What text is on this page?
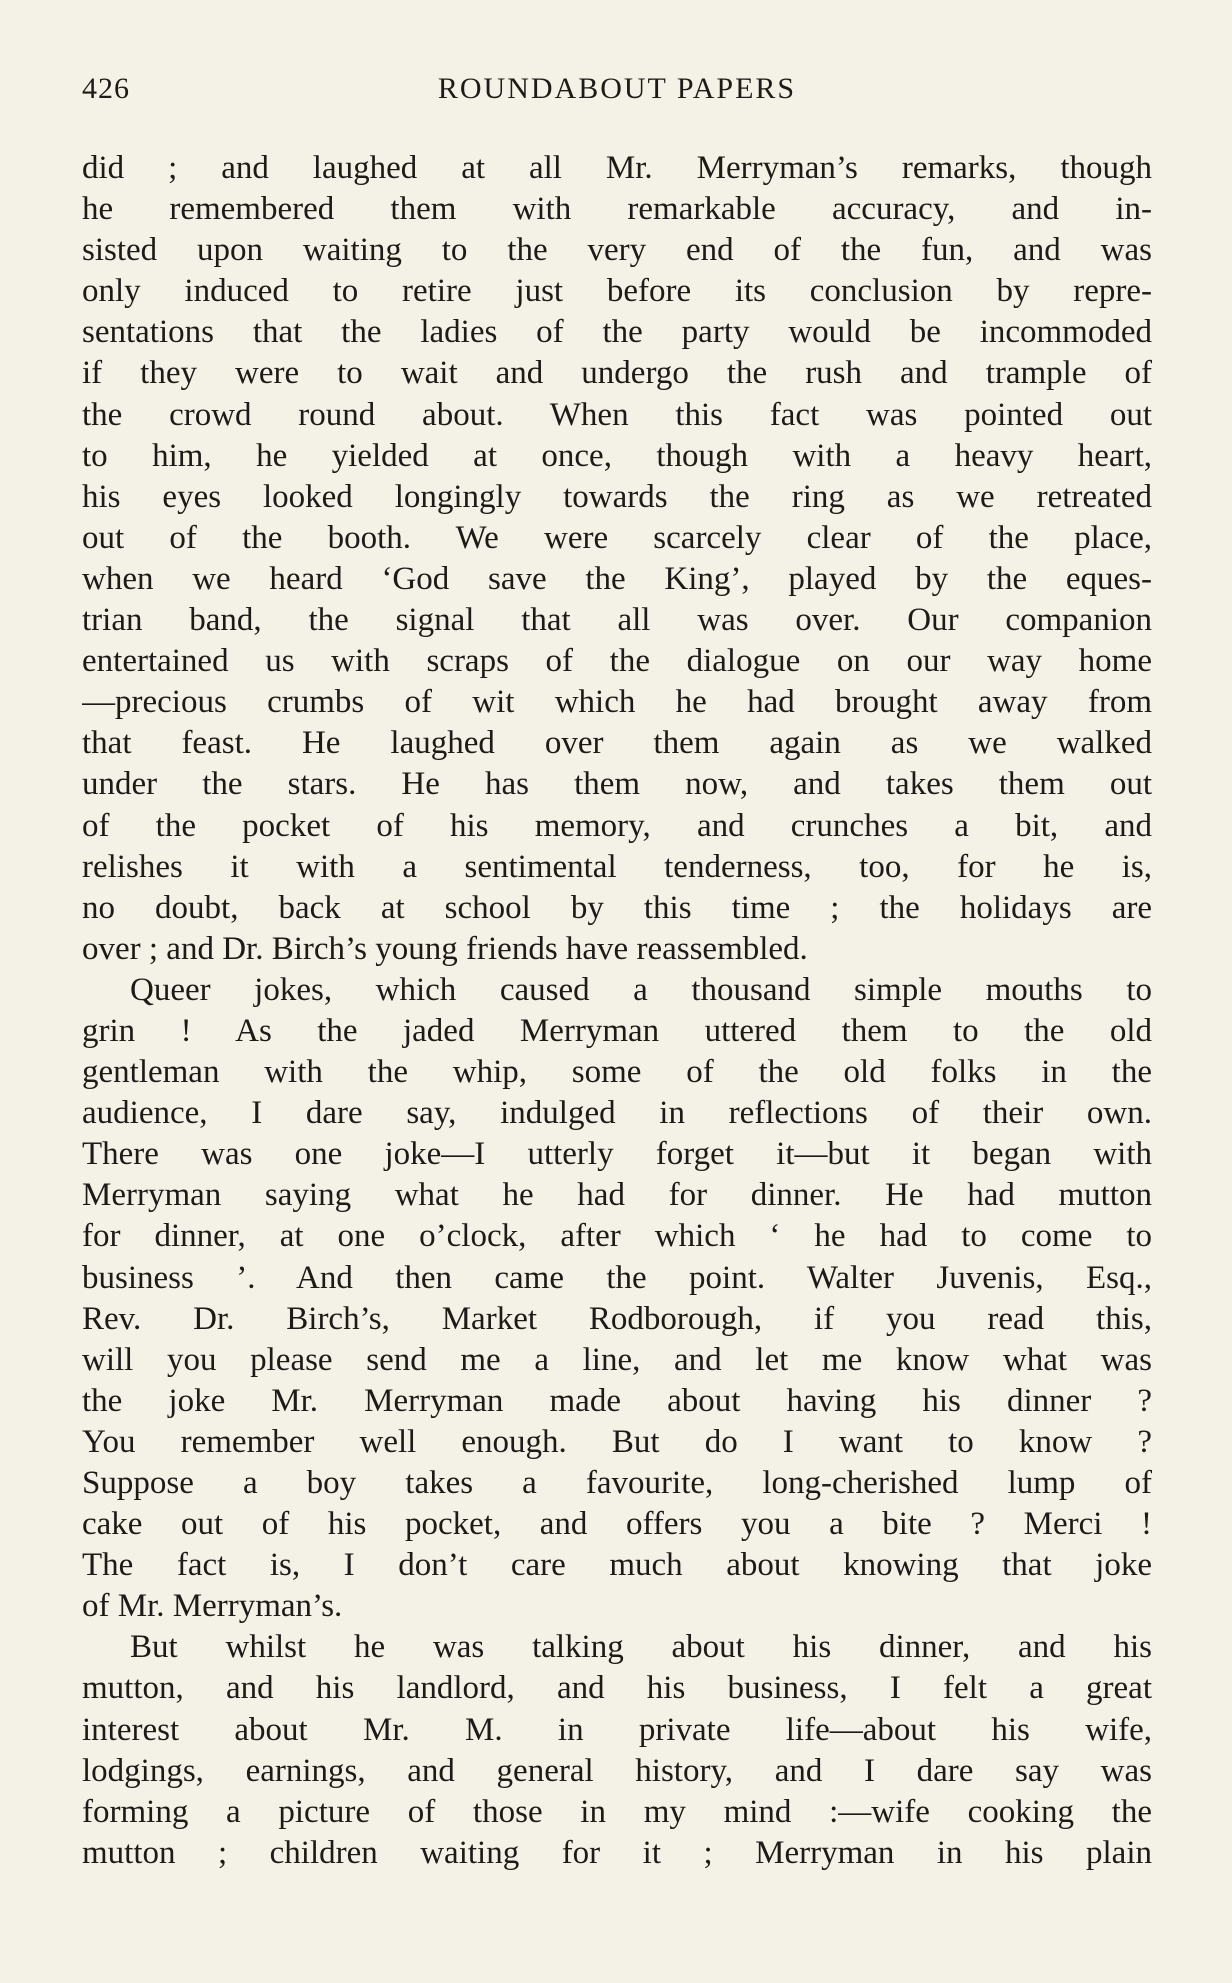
426	ROUNDABOUT PAPERS
did ; and laughed at all Mr. Merryman’s remarks, though
he remembered them with remarkable accuracy, and in-
sisted upon waiting to the very end of the fun, and was
only induced to retire just before its conclusion by repre-
sentations that the ladies of the party would be incommoded
if they were to wait and undergo the rush and trample of
the crowd round about. When this fact was pointed out
to him, he yielded at once, though with a heavy heart,
his eyes looked longingly towards the ring as we retreated
out of the booth. We were scarcely clear of the place,
when we heard ‘God save the King’, played by the eques-
trian band, the signal that all was over. Our companion
entertained us with scraps of the dialogue on our way home
—precious crumbs of wit which he had brought away from
that feast. He laughed over them again as we walked
under the stars. He has them now, and takes them out
of the pocket of his memory, and crunches a bit, and
relishes it with a sentimental tenderness, too, for he is,
no doubt, back at school by this time ; the holidays are
over ; and Dr. Birch’s young friends have reassembled.
Queer jokes, which caused a thousand simple mouths to
grin ! As the jaded Merryman uttered them to the old
gentleman with the whip, some of the old folks in the
audience, I dare say, indulged in reflections of their own.
There was one joke—I utterly forget it—but it began with
Merryman saying what he had for dinner. He had mutton
for dinner, at one o’clock, after which ‘ he had to come to
business ’. And then came the point. Walter Juvenis, Esq.,
Rev. Dr. Birch’s, Market Rodborough, if you read this,
will you please send me a line, and let me know what was
the joke Mr. Merryman made about having his dinner ?
You remember well enough. But do I want to know ?
Suppose a boy takes a favourite, long-cherished lump of
cake out of his pocket, and offers you a bite ? Merci !
The fact is, I don’t care much about knowing that joke
of Mr. Merryman’s.
But whilst he was talking about his dinner, and his
mutton, and his landlord, and his business, I felt a great
interest about Mr. M. in private life—about his wife,
lodgings, earnings, and general history, and I dare say was
forming a picture of those in my mind :—wife cooking the
mutton ; children waiting for it ; Merryman in his plain
